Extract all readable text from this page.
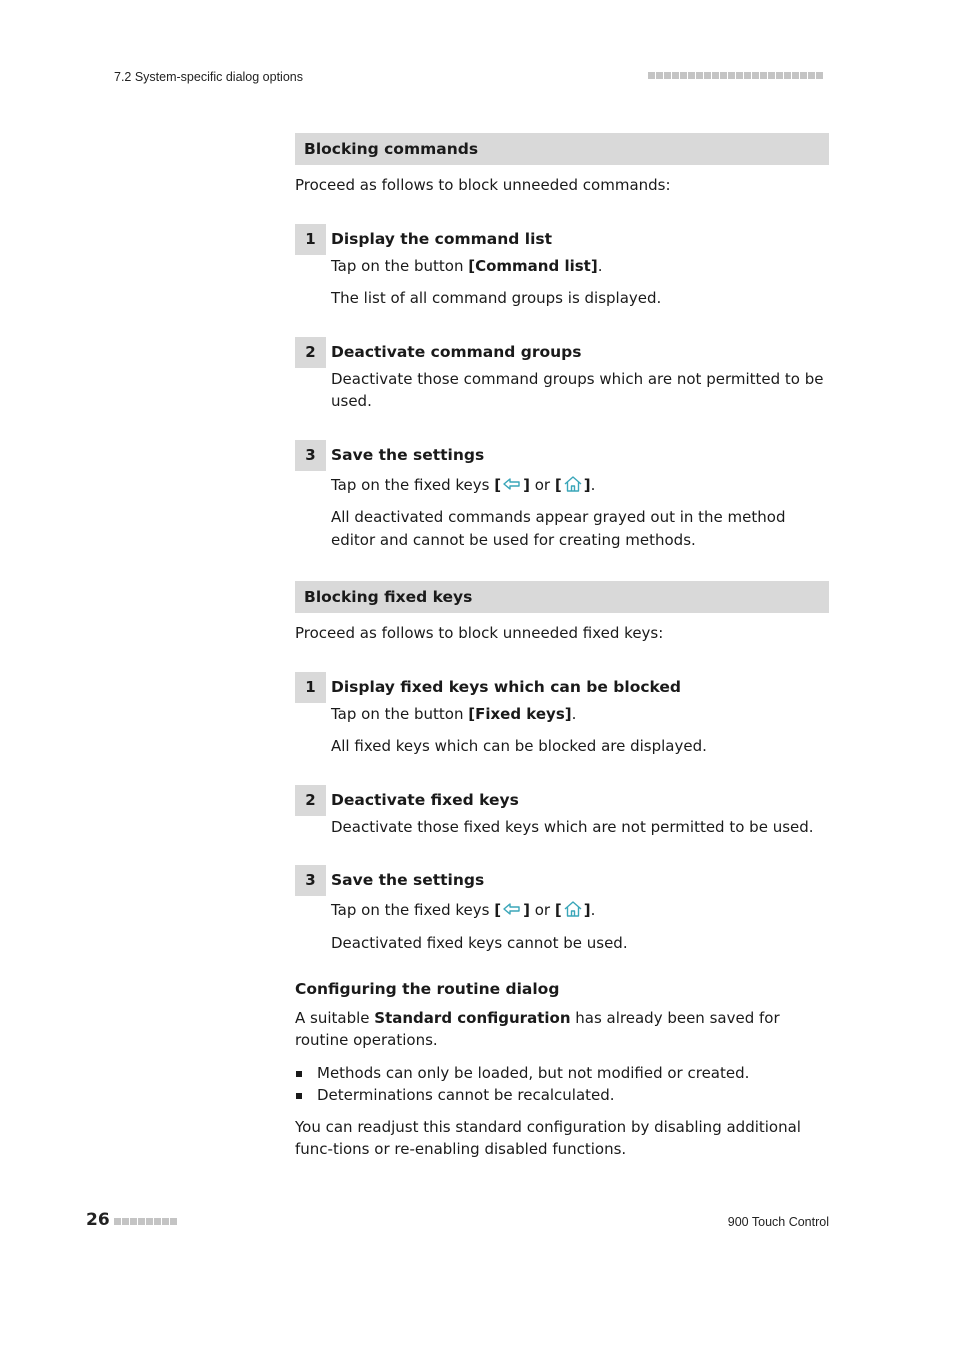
7.2 System-specific dialog options
Blocking commands
Proceed as follows to block unneeded commands:
1 Display the command list

Tap on the button [Command list].

The list of all command groups is displayed.

2 Deactivate command groups

Deactivate those command groups which are not permitted to be used.

3 Save the settings

Tap on the fixed keys [ ] or [ ].

All deactivated commands appear grayed out in the method editor and cannot be used for creating methods.

Blocking fixed keys
Proceed as follows to block unneeded fixed keys:
1 Display fixed keys which can be blocked

Tap on the button [Fixed keys].

All fixed keys which can be blocked are displayed.

2 Deactivate fixed keys

Deactivate those fixed keys which are not permitted to be used.

3 Save the settings

Tap on the fixed keys [ ] or [ ].

Deactivated fixed keys cannot be used.

Configuring the routine dialog

A suitable Standard configuration has already been saved for routine operations.

Methods can only be loaded, but not modified or created.
Determinations cannot be recalculated.

You can readjust this standard configuration by disabling additional func-tions or re-enabling disabled functions.

26	900 Touch Control
